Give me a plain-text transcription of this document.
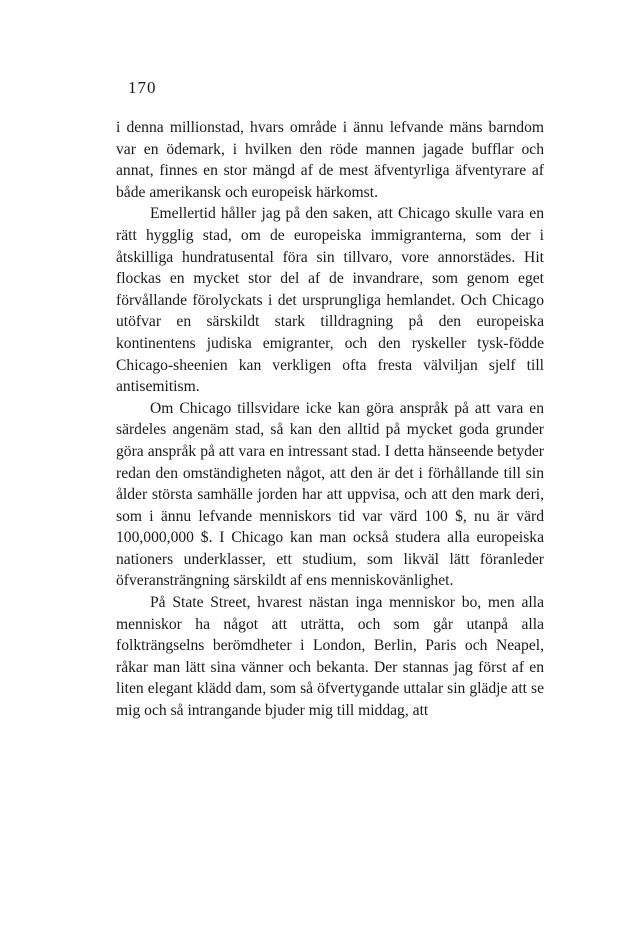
170

i denna millionstad, hvars område i ännu lefvande mäns barndom var en ödemark, i hvilken den röde mannen jagade bufflar och annat, finnes en stor mängd af de mest äfventyrliga äfventyrare af både amerikansk och europeisk härkomst.

Emellertid håller jag på den saken, att Chicago skulle vara en rätt hygglig stad, om de europeiska immigranterna, som der i åtskilliga hundratusental föra sin tillvaro, vore annorstädes. Hit flockas en mycket stor del af de invandrare, som genom eget förvållande förolyckats i det ursprungliga hemlandet. Och Chicago utöfvar en särskildt stark tilldragning på den europeiska kontinentens judiska emigranter, och den ryskeller tysk-födde Chicago-sheenien kan verkligen ofta fresta välviljan sjelf till antisemitism.

Om Chicago tillsvidare icke kan göra anspråk på att vara en särdeles angenäm stad, så kan den alltid på mycket goda grunder göra anspråk på att vara en intressant stad. I detta hänseende betyder redan den omständigheten något, att den är det i förhållande till sin ålder största samhälle jorden har att uppvisa, och att den mark deri, som i ännu lefvande menniskors tid var värd 100 $, nu är värd 100,000,000 $. I Chicago kan man också studera alla europeiska nationers underklasser, ett studium, som likväl lätt föranleder öfveransträngning särskildt af ens menniskovänlighet.

På State Street, hvarest nästan inga menniskor bo, men alla menniskor ha något att uträtta, och som går utanpå alla folkträngselns berömdheter i London, Berlin, Paris och Neapel, råkar man lätt sina vänner och bekanta. Der stannas jag först af en liten elegant klädd dam, som så öfvertygande uttalar sin glädje att se mig och så intrangande bjuder mig till middag, att
